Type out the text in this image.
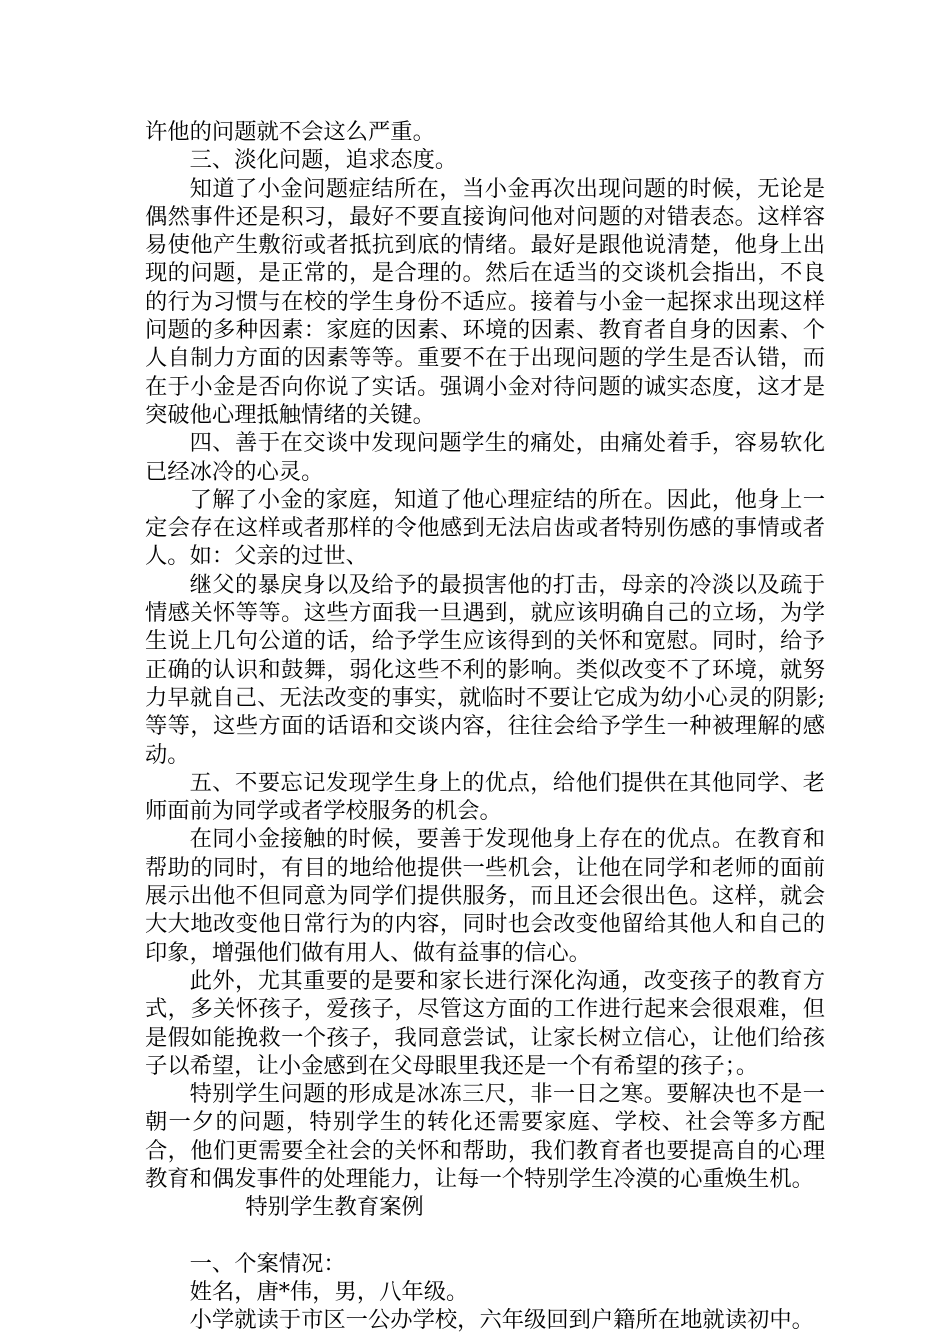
许他的问题就不会这么严重。

三、淡化问题，追求态度。

知道了小金问题症结所在，当小金再次出现问题的时候，无论是偶然事件还是积习，最好不要直接询问他对问题的对错表态。这样容易使他产生敷衍或者抵抗到底的情绪。最好是跟他说清楚，他身上出现的问题，是正常的，是合理的。然后在适当的交谈机会指出，不良的行为习惯与在校的学生身份不适应。接着与小金一起探求出现这样问题的多种因素：家庭的因素、环境的因素、教育者自身的因素、个人自制力方面的因素等等。重要不在于出现问题的学生是否认错，而在于小金是否向你说了实话。强调小金对待问题的诚实态度，这才是突破他心理抵触情绪的关键。

四、善于在交谈中发现问题学生的痛处，由痛处着手，容易软化已经冰冷的心灵。

了解了小金的家庭，知道了他心理症结的所在。因此，他身上一定会存在这样或者那样的令他感到无法启齿或者特别伤感的事情或者人。如：父亲的过世、

继父的暴戾身以及给予的最损害他的打击，母亲的冷淡以及疏于情感关怀等等。这些方面我一旦遇到，就应该明确自己的立场，为学生说上几句公道的话，给予学生应该得到的关怀和宽慰。同时，给予正确的认识和鼓舞，弱化这些不利的影响。类似改变不了环境，就努力早就自己、无法改变的事实，就临时不要让它成为幼小心灵的阴影;等等，这些方面的话语和交谈内容，往往会给予学生一种被理解的感动。

五、不要忘记发现学生身上的优点，给他们提供在其他同学、老师面前为同学或者学校服务的机会。

在同小金接触的时候，要善于发现他身上存在的优点。在教育和帮助的同时，有目的地给他提供一些机会，让他在同学和老师的面前展示出他不但同意为同学们提供服务，而且还会很出色。这样，就会大大地改变他日常行为的内容，同时也会改变他留给其他人和自己的印象，增强他们做有用人、做有益事的信心。

此外，尤其重要的是要和家长进行深化沟通，改变孩子的教育方式，多关怀孩子，爱孩子，尽管这方面的工作进行起来会很艰难，但是假如能挽救一个孩子，我同意尝试，让家长树立信心，让他们给孩子以希望，让小金感到在父母眼里我还是一个有希望的孩子；。

特别学生问题的形成是冰冻三尺，非一日之寒。要解决也不是一朝一夕的问题，特别学生的转化还需要家庭、学校、社会等多方配合，他们更需要全社会的关怀和帮助，我们教育者也要提高自的心理教育和偶发事件的处理能力，让每一个特别学生冷漠的心重焕生机。

特别学生教育案例

一、个案情况：

姓名，唐*伟，男，八年级。

小学就读于市区一公办学校，六年级回到户籍所在地就读初中。
